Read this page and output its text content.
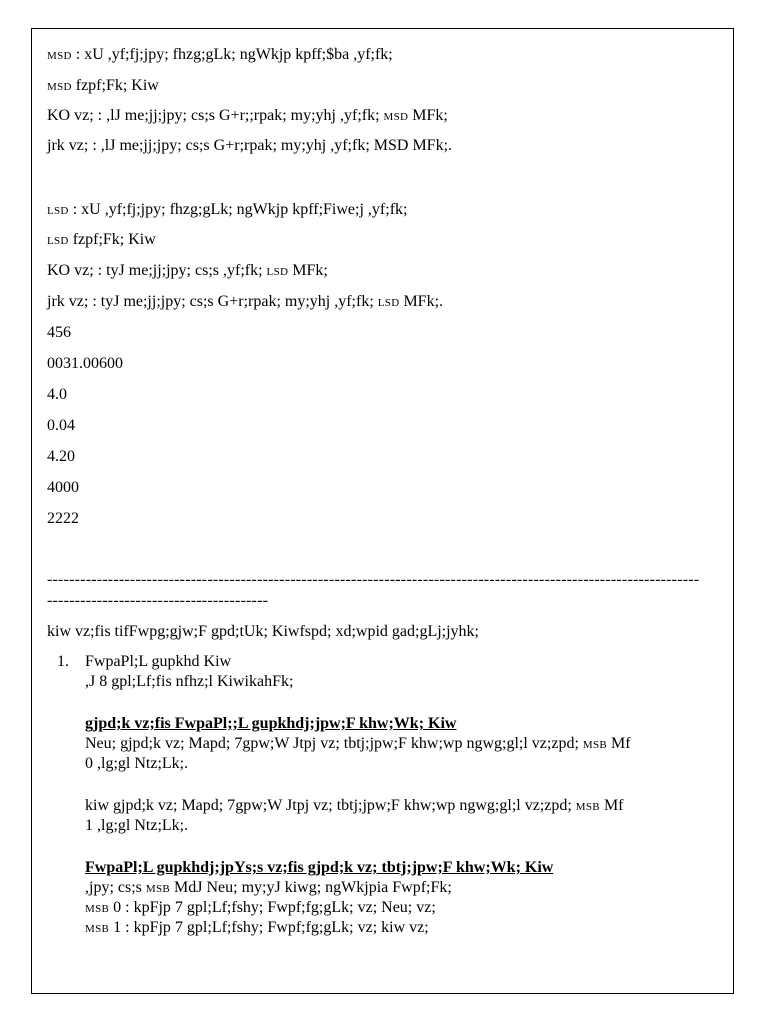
MSD : xU ,yf;fj;jpy; fhzg;gLk; ngWkjp kpff;$ba ,yf;fk;
MSD fzpf;Fk; Kiw
KO vz; : ,lJ me;jj;jpy; cs;s G+r;;rpak; my;yhj ,yf;fk; MSD MFk;
jrk vz; : ,lJ me;jj;jpy; cs;s G+r;rpak; my;yhj ,yf;fk; MSD MFk;.
LSD : xU ,yf;fj;jpy; fhzg;gLk; ngWkjp kpff;Fiwe;j ,yf;fk;
LSD fzpf;Fk; Kiw
KO vz; : tyJ me;jj;jpy; cs;s ,yf;fk; LSD MFk;
jrk vz; : tyJ me;jj;jpy; cs;s G+r;rpak; my;yhj ,yf;fk; LSD MFk;.
456
0031.00600
4.0
0.04
4.20
4000
2222
----------------------------------------------------------------------------------------------------------------------
----------------------------------------
kiw vz;fis tifFwpg;gjw;F gpd;tUk; Kiwfspd; xd;wpid gad;gLj;jyhk;
1. FwpaPl;L gupkhd Kiw
,J 8 gpl;Lf;fis nfhz;l KiwikahFk;
gjpd;k vz;fis FwpaPl;;L gupkhdj;jpw;F khw;Wk; Kiw
Neu; gjpd;k vz; Mapd; 7gpw;W Jtpj vz; tbtj;jpw;F khw;wp ngwg;gl;l vz;zpd; MSB Mf
0 ,lg;gl Ntz;Lk;.
kiw gjpd;k vz; Mapd; 7gpw;W Jtpj vz; tbtj;jpw;F khw;wp ngwg;gl;l vz;zpd; MSB Mf
1 ,lg;gl Ntz;Lk;.
FwpaPl;L gupkhdj;jpYs;s vz;fis gjpd;k vz; tbtj;jpw;F khw;Wk; Kiw
,jpy; cs;s MSB MdJ Neu; my;yJ kiwg; ngWkjpia Fwpf;Fk;
MSB 0 : kpFjp 7 gpl;Lf;fshy; Fwpf;fg;gLk; vz; Neu; vz;
MSB 1 : kpFjp 7 gpl;Lf;fshy; Fwpf;fg;gLk; vz; kiw vz;
